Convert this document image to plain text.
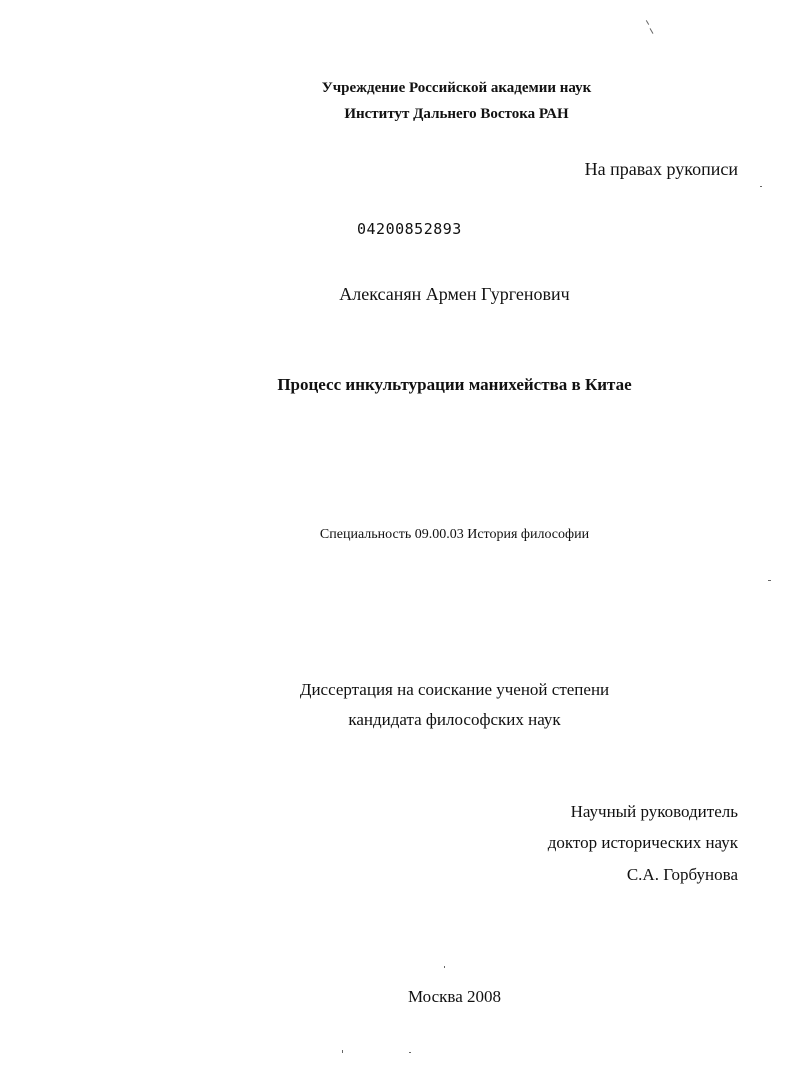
Учреждение Российской академии наук
Институт Дальнего Востока РАН
На правах рукописи
04200852893
Алексанян Армен Гургенович
Процесс инкультурации манихейства в Китае
Специальность 09.00.03 История философии
Диссертация на соискание ученой степени
кандидата философских наук
Научный руководитель
доктор исторических наук
С.А. Горбунова
Москва 2008
